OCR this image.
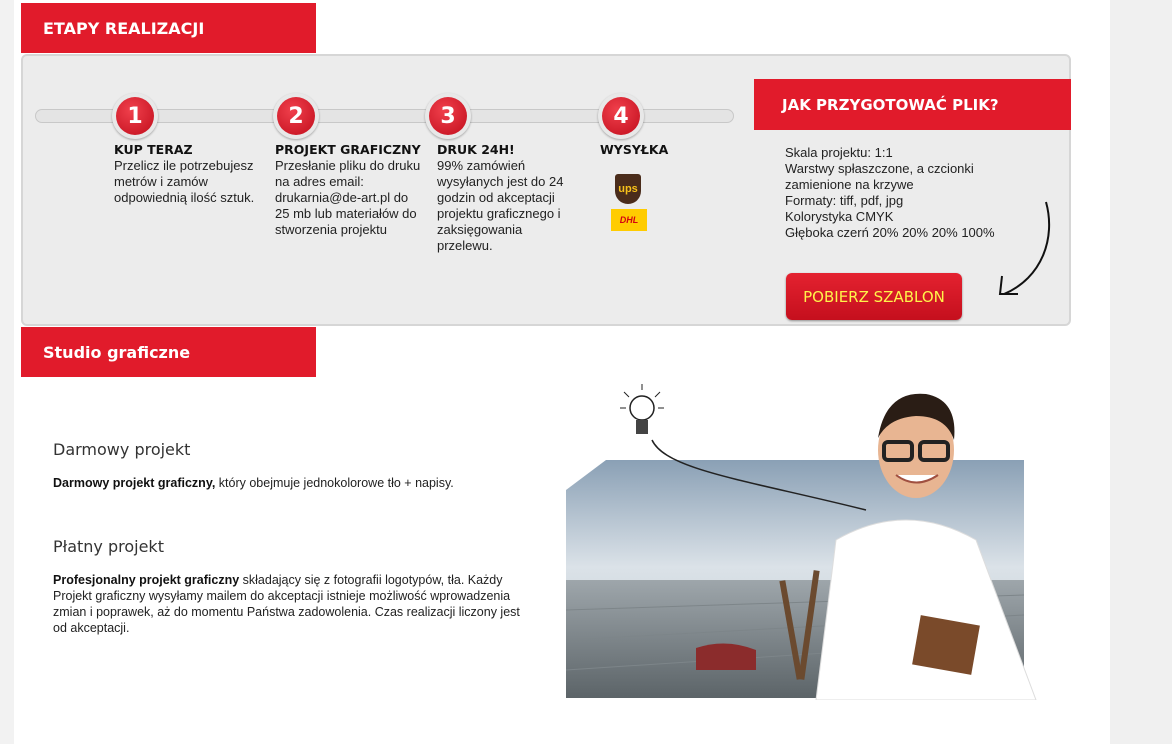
ETAPY REALIZACJI
1	2	3	4
KUP TERAZ
Przelicz ile potrzebujesz metrów i zamów odpowiednią ilość sztuk.
PROJEKT GRAFICZNY
Przesłanie pliku do druku na adres email: drukarnia@de-art.pl do 25 mb lub materiałów do stworzenia projektu
DRUK 24H!
99% zamówień wysyłanych jest do 24 godzin od akceptacji projektu graficznego i zaksięgowania przelewu.
WYSYŁKA
ups
DHL
JAK PRZYGOTOWAĆ PLIK?
Skala projektu: 1:1
Warstwy spłaszczone, a czcionki zamienione na krzywe
Formaty: tiff, pdf, jpg
Kolorystyka CMYK
Głęboka czerń 20% 20% 20% 100%
POBIERZ SZABLON
Studio graficzne
Darmowy projekt
Darmowy projekt graficzny, który obejmuje jednokolorowe tło + napisy.
Płatny projekt
Profesjonalny projekt graficzny składający się z fotografii logotypów, tła. Każdy Projekt graficzny wysyłamy mailem do akceptacji istnieje możliwość wprowadzenia zmian i poprawek, aż do momentu Państwa zadowolenia. Czas realizacji liczony jest od akceptacji.
